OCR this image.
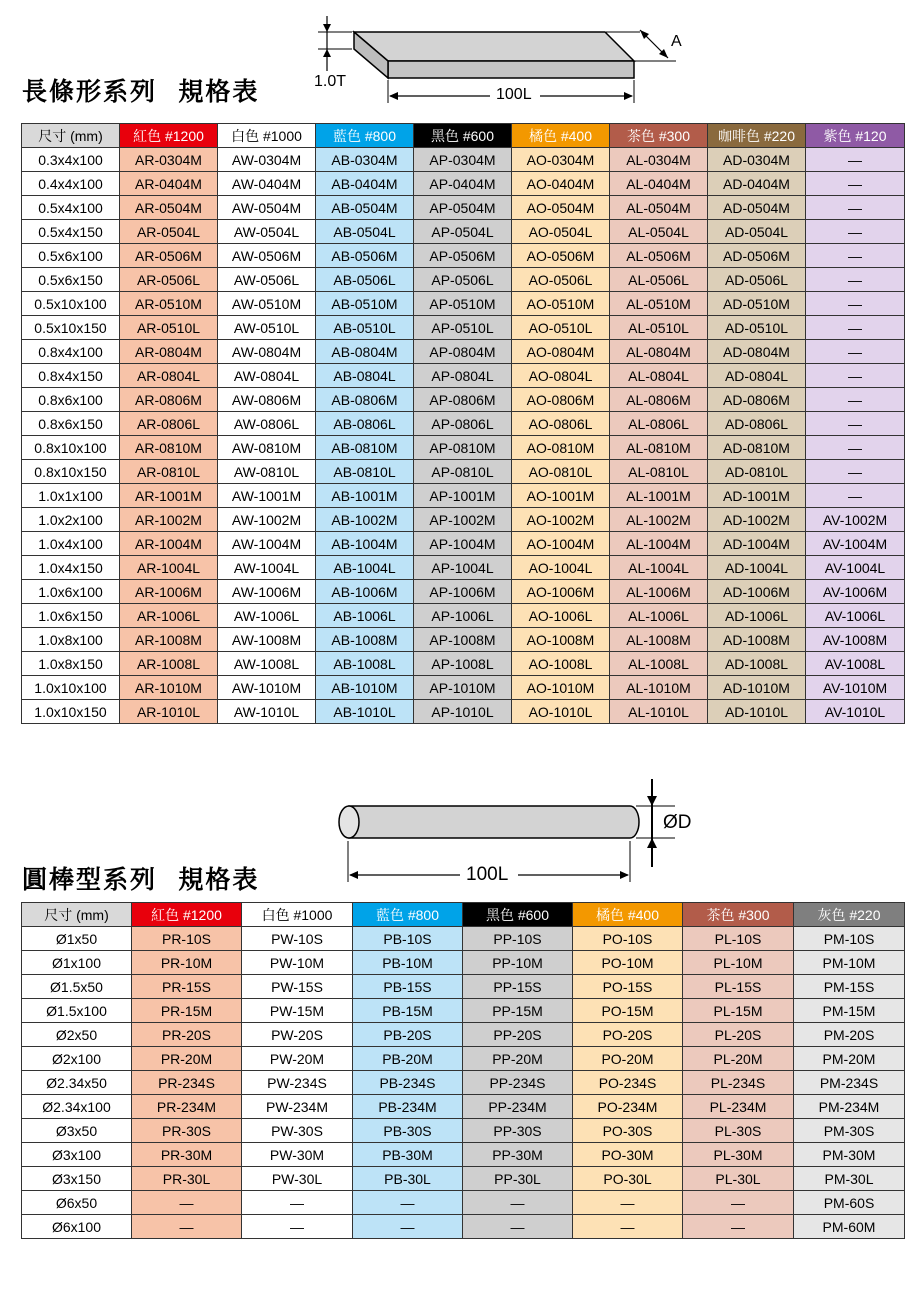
長條形系列  規格表	1.0T
A
100L
尺寸 (mm)	紅色 #1200	白色 #1000	藍色 #800	黑色 #600	橘色 #400	茶色 #300	咖啡色 #220	紫色 #120
0.3x4x100	AR-0304M	AW-0304M	AB-0304M	AP-0304M	AO-0304M	AL-0304M	AD-0304M	—
0.4x4x100	AR-0404M	AW-0404M	AB-0404M	AP-0404M	AO-0404M	AL-0404M	AD-0404M	—
0.5x4x100	AR-0504M	AW-0504M	AB-0504M	AP-0504M	AO-0504M	AL-0504M	AD-0504M	—
0.5x4x150	AR-0504L	AW-0504L	AB-0504L	AP-0504L	AO-0504L	AL-0504L	AD-0504L	—
0.5x6x100	AR-0506M	AW-0506M	AB-0506M	AP-0506M	AO-0506M	AL-0506M	AD-0506M	—
0.5x6x150	AR-0506L	AW-0506L	AB-0506L	AP-0506L	AO-0506L	AL-0506L	AD-0506L	—
0.5x10x100	AR-0510M	AW-0510M	AB-0510M	AP-0510M	AO-0510M	AL-0510M	AD-0510M	—
0.5x10x150	AR-0510L	AW-0510L	AB-0510L	AP-0510L	AO-0510L	AL-0510L	AD-0510L	—
0.8x4x100	AR-0804M	AW-0804M	AB-0804M	AP-0804M	AO-0804M	AL-0804M	AD-0804M	—
0.8x4x150	AR-0804L	AW-0804L	AB-0804L	AP-0804L	AO-0804L	AL-0804L	AD-0804L	—
0.8x6x100	AR-0806M	AW-0806M	AB-0806M	AP-0806M	AO-0806M	AL-0806M	AD-0806M	—
0.8x6x150	AR-0806L	AW-0806L	AB-0806L	AP-0806L	AO-0806L	AL-0806L	AD-0806L	—
0.8x10x100	AR-0810M	AW-0810M	AB-0810M	AP-0810M	AO-0810M	AL-0810M	AD-0810M	—
0.8x10x150	AR-0810L	AW-0810L	AB-0810L	AP-0810L	AO-0810L	AL-0810L	AD-0810L	—
1.0x1x100	AR-1001M	AW-1001M	AB-1001M	AP-1001M	AO-1001M	AL-1001M	AD-1001M	—
1.0x2x100	AR-1002M	AW-1002M	AB-1002M	AP-1002M	AO-1002M	AL-1002M	AD-1002M	AV-1002M
1.0x4x100	AR-1004M	AW-1004M	AB-1004M	AP-1004M	AO-1004M	AL-1004M	AD-1004M	AV-1004M
1.0x4x150	AR-1004L	AW-1004L	AB-1004L	AP-1004L	AO-1004L	AL-1004L	AD-1004L	AV-1004L
1.0x6x100	AR-1006M	AW-1006M	AB-1006M	AP-1006M	AO-1006M	AL-1006M	AD-1006M	AV-1006M
1.0x6x150	AR-1006L	AW-1006L	AB-1006L	AP-1006L	AO-1006L	AL-1006L	AD-1006L	AV-1006L
1.0x8x100	AR-1008M	AW-1008M	AB-1008M	AP-1008M	AO-1008M	AL-1008M	AD-1008M	AV-1008M
1.0x8x150	AR-1008L	AW-1008L	AB-1008L	AP-1008L	AO-1008L	AL-1008L	AD-1008L	AV-1008L
1.0x10x100	AR-1010M	AW-1010M	AB-1010M	AP-1010M	AO-1010M	AL-1010M	AD-1010M	AV-1010M
1.0x10x150	AR-1010L	AW-1010L	AB-1010L	AP-1010L	AO-1010L	AL-1010L	AD-1010L	AV-1010L
圓棒型系列  規格表
ØD
100L
尺寸 (mm)	紅色 #1200	白色 #1000	藍色 #800	黑色 #600	橘色 #400	茶色 #300	灰色 #220
Ø1x50	PR-10S	PW-10S	PB-10S	PP-10S	PO-10S	PL-10S	PM-10S
Ø1x100	PR-10M	PW-10M	PB-10M	PP-10M	PO-10M	PL-10M	PM-10M
Ø1.5x50	PR-15S	PW-15S	PB-15S	PP-15S	PO-15S	PL-15S	PM-15S
Ø1.5x100	PR-15M	PW-15M	PB-15M	PP-15M	PO-15M	PL-15M	PM-15M
Ø2x50	PR-20S	PW-20S	PB-20S	PP-20S	PO-20S	PL-20S	PM-20S
Ø2x100	PR-20M	PW-20M	PB-20M	PP-20M	PO-20M	PL-20M	PM-20M
Ø2.34x50	PR-234S	PW-234S	PB-234S	PP-234S	PO-234S	PL-234S	PM-234S
Ø2.34x100	PR-234M	PW-234M	PB-234M	PP-234M	PO-234M	PL-234M	PM-234M
Ø3x50	PR-30S	PW-30S	PB-30S	PP-30S	PO-30S	PL-30S	PM-30S
Ø3x100	PR-30M	PW-30M	PB-30M	PP-30M	PO-30M	PL-30M	PM-30M
Ø3x150	PR-30L	PW-30L	PB-30L	PP-30L	PO-30L	PL-30L	PM-30L
Ø6x50	—	—	—	—	—	—	PM-60S
Ø6x100	—	—	—	—	—	—	PM-60M
